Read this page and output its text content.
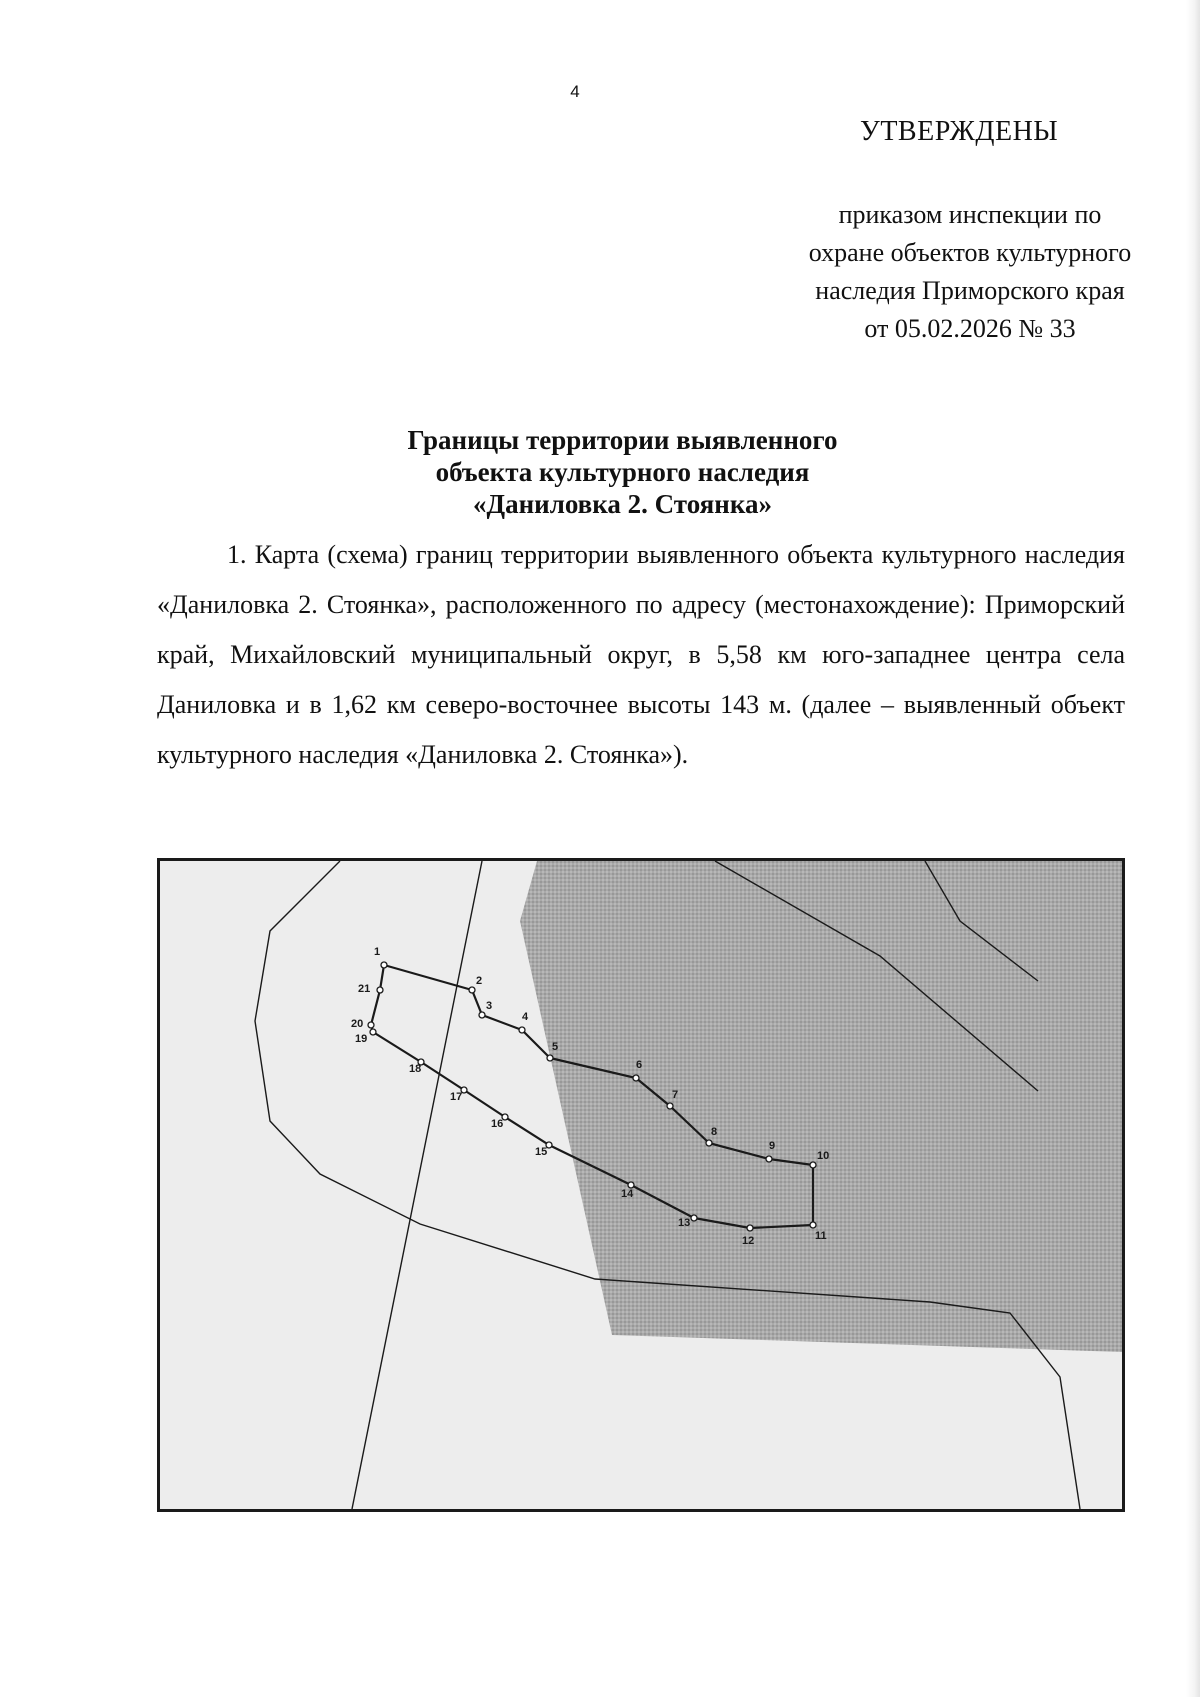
4
УТВЕРЖДЕНЫ
приказом инспекции по
охране объектов культурного
наследия Приморского края
от 05.02.2026 № 33
Границы территории выявленного
объекта культурного наследия
«Даниловка 2. Стоянка»
1. Карта (схема) границ территории выявленного объекта культурного наследия «Даниловка 2. Стоянка», расположенного по адресу (местонахождение): Приморский край, Михайловский муниципальный округ, в 5,58 км юго-западнее центра села Даниловка и в 1,62 км северо-восточнее высоты 143 м. (далее – выявленный объект культурного наследия «Даниловка 2. Стоянка»).
1
2
3
4
5
6
7
8
9
10
11
12
13
14
15
16
17
18
19
20
21
